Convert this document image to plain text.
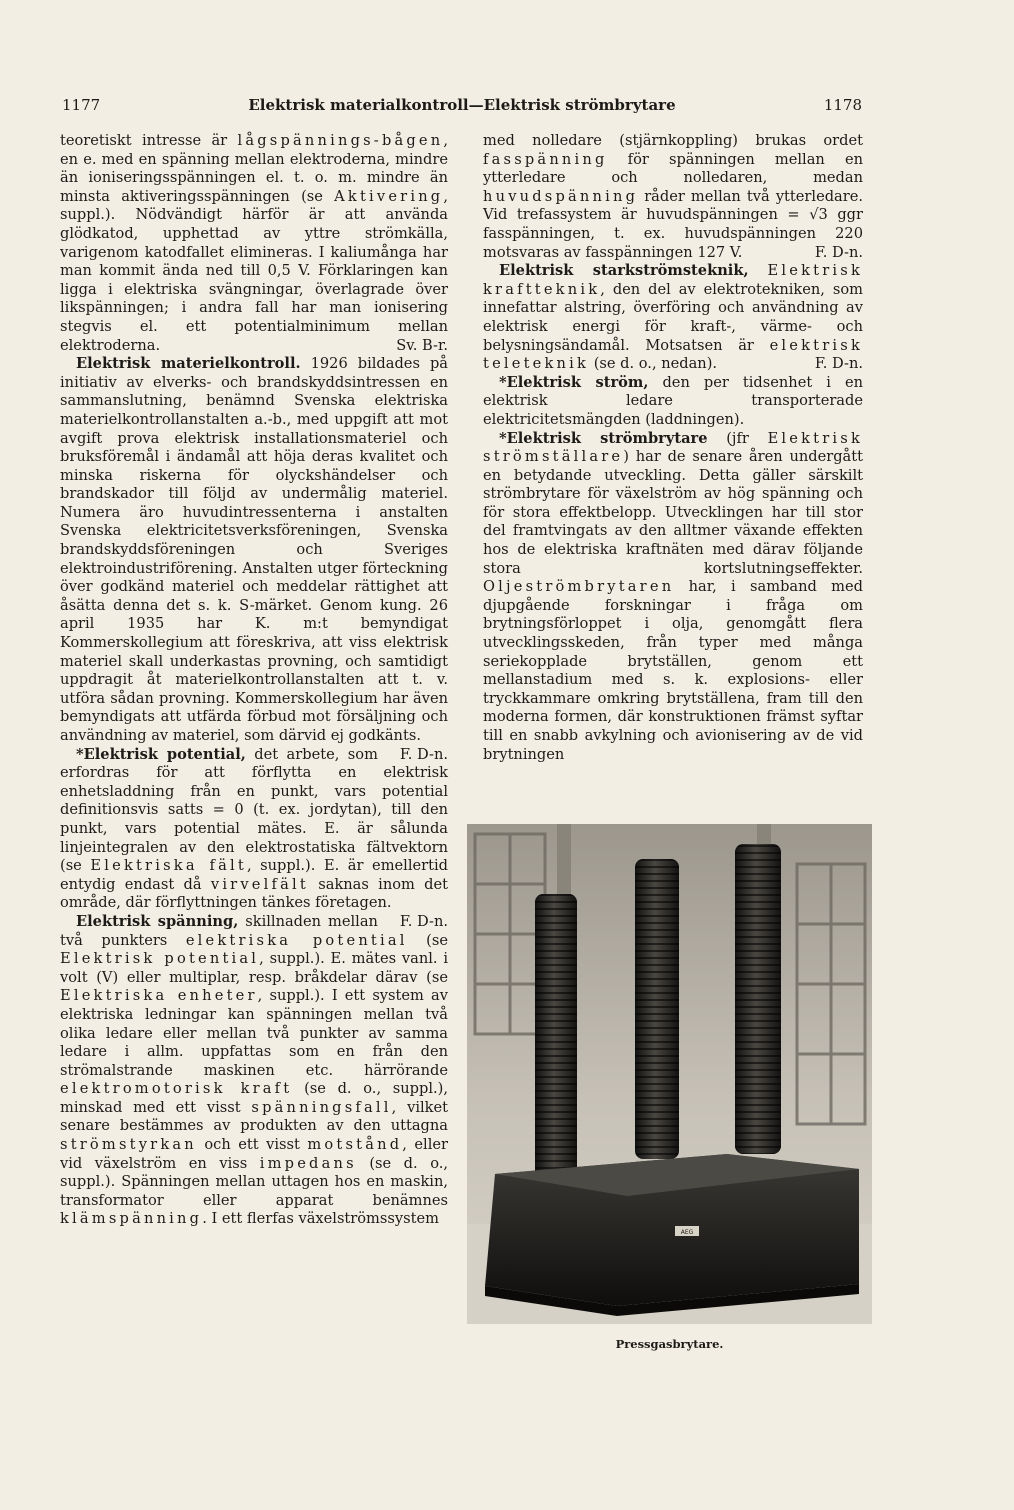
1177	Elektrisk materialkontroll—Elektrisk strömbrytare	1178

teoretiskt intresse är lågspännings-bågen, en e. med en spänning mellan elektroderna, mindre än ioniseringsspänningen el. t. o. m. mindre än minsta aktiveringsspänningen (se Aktivering, suppl.). Nödvändigt härför är att använda glödkatod, upphettad av yttre strömkälla, varigenom katodfallet elimineras. I kaliumånga har man kommit ända ned till 0,5 V. Förklaringen kan ligga i elektriska svängningar, överlagrade över likspänningen; i andra fall har man ionisering stegvis el. ett potentialminimum mellan elektroderna.	Sv. B-r.

Elektrisk materielkontroll. 1926 bildades på initiativ av elverks- och brandskyddsintressen en sammanslutning, benämnd Svenska elektriska materielkontrollanstalten a.-b., med uppgift att mot avgift prova elektrisk installationsmateriel och bruksföremål i ändamål att höja deras kvalitet och minska riskerna för olyckshändelser och brandskador till följd av undermålig materiel. Numera äro huvudintressenterna i anstalten Svenska elektricitetsverksföreningen, Svenska brandskyddsföreningen och Sveriges elektroindustriförening. Anstalten utger förteckning över godkänd materiel och meddelar rättighet att åsätta denna det s. k. S-märket. Genom kung. 26 april 1935 har K. m:t bemyndigat Kommerskollegium att föreskriva, att viss elektrisk materiel skall underkastas provning, och samtidigt uppdragit åt materielkontrollanstalten att t. v. utföra sådan provning. Kommerskollegium har även bemyndigats att utfärda förbud mot försäljning och användning av materiel, som därvid ej godkänts.
F. D-n.

*Elektrisk potential, det arbete, som erfordras för att förflytta en elektrisk enhetsladdning från en punkt, vars potential definitionsvis satts = 0 (t. ex. jordytan), till den punkt, vars potential mätes. E. är sålunda linjeintegralen av den elektrostatiska fältvektorn (se Elektriska fält, suppl.). E. är emellertid entydig endast då virvelfält saknas inom det område, där förflyttningen tänkes företagen.
F. D-n.

Elektrisk spänning, skillnaden mellan två punkters elektriska potential (se Elektrisk potential, suppl.). E. mätes vanl. i volt (V) eller multiplar, resp. bråkdelar därav (se Elektriska enheter, suppl.). I ett system av elektriska ledningar kan spänningen mellan två olika ledare eller mellan två punkter av samma ledare i allm. uppfattas som en från den strömalstrande maskinen etc. härrörande elektromotorisk kraft (se d. o., suppl.), minskad med ett visst spänningsfall, vilket senare bestämmes av produkten av den uttagna strömstyrkan och ett visst motstånd, eller vid växelström en viss impedans (se d. o., suppl.). Spänningen mellan uttagen hos en maskin, transformator eller apparat benämnes klämspänning. I ett flerfas växelströmssystem

med nolledare (stjärnkoppling) brukas ordet fasspänning för spänningen mellan en ytterledare och nolledaren, medan huvudspänning råder mellan två ytterledare. Vid trefassystem är huvudspänningen = √3 ggr fasspänningen, t. ex. huvudspänningen 220 motsvaras av fasspänningen 127 V.	F. D-n.

Elektrisk starkströmsteknik, Elektrisk kraftteknik, den del av elektrotekniken, som innefattar alstring, överföring och användning av elektrisk energi för kraft-, värme- och belysningsändamål. Motsatsen är elektrisk teleteknik (se d. o., nedan).	F. D-n.

*Elektrisk ström, den per tidsenhet i en elektrisk ledare transporterade elektricitetsmängden (laddningen).

*Elektrisk strömbrytare (jfr Elektrisk strömställare) har de senare åren undergått en betydande utveckling. Detta gäller särskilt strömbrytare för växelström av hög spänning och för stora effektbelopp. Utvecklingen har till stor del framtvingats av den alltmer växande effekten hos de elektriska kraftnäten med därav följande stora kortslutningseffekter. Oljeströmbrytaren har, i samband med djupgående forskningar i fråga om brytningsförloppet i olja, genomgått flera utvecklingsskeden, från typer med många seriekopplade brytställen, genom ett mellanstadium med s. k. explosions- eller tryckkammare omkring brytställena, fram till den moderna formen, där konstruktionen främst syftar till en snabb avkylning och avionisering av de vid brytningen

AEG
Pressgasbrytare.
